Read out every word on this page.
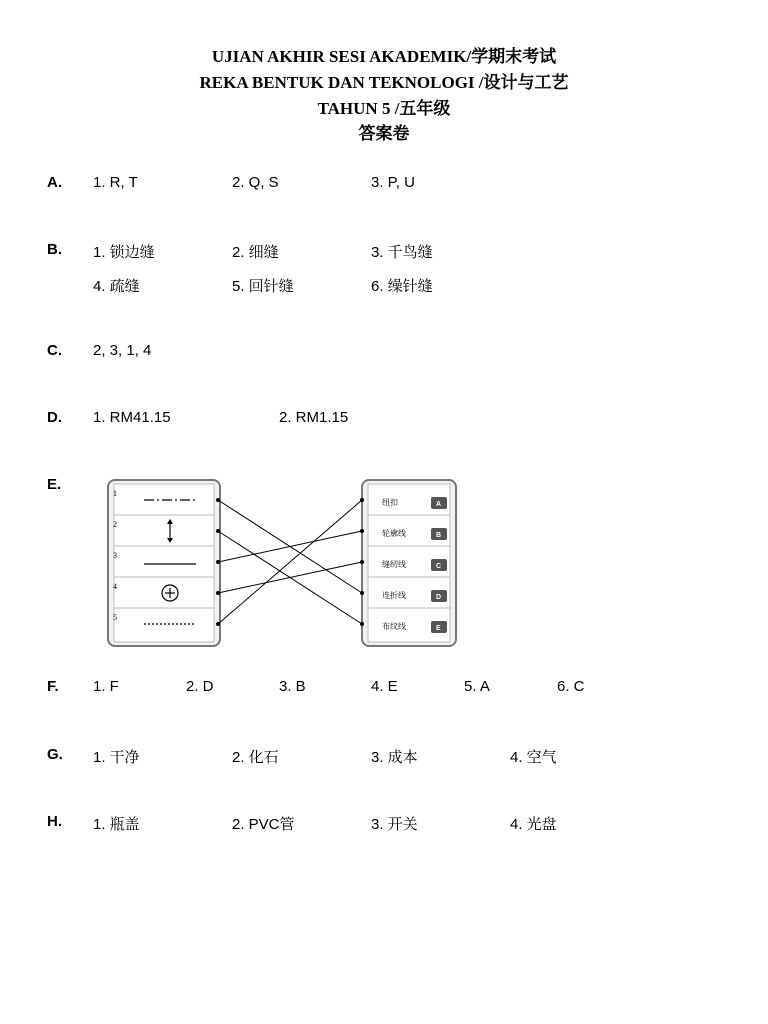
UJIAN AKHIR SESI AKADEMIK/学期末考试
REKA BENTUK DAN TEKNOLOGI /设计与工艺
TAHUN 5 /五年级
答案卷
A. 1. R, T	2. Q, S	3. P, U
B. 1. 锁边缝	2. 细缝	3. 千鸟缝
4. 疏缝	5. 回针缝	6. 缲针缝
C. 2, 3, 1, 4
D. 1. RM41.15	2. RM1.15
E.
1
2
3
4
5
纽扣
轮廓线
缝纫线
连折线
布纹线
A
B
C
D
E
F. 1. F	2. D	3. B	4. E	5. A	6. C
G. 1. 干净	2. 化石	3. 成本	4. 空气
H. 1. 瓶盖	2. PVC管	3. 开关	4. 光盘
